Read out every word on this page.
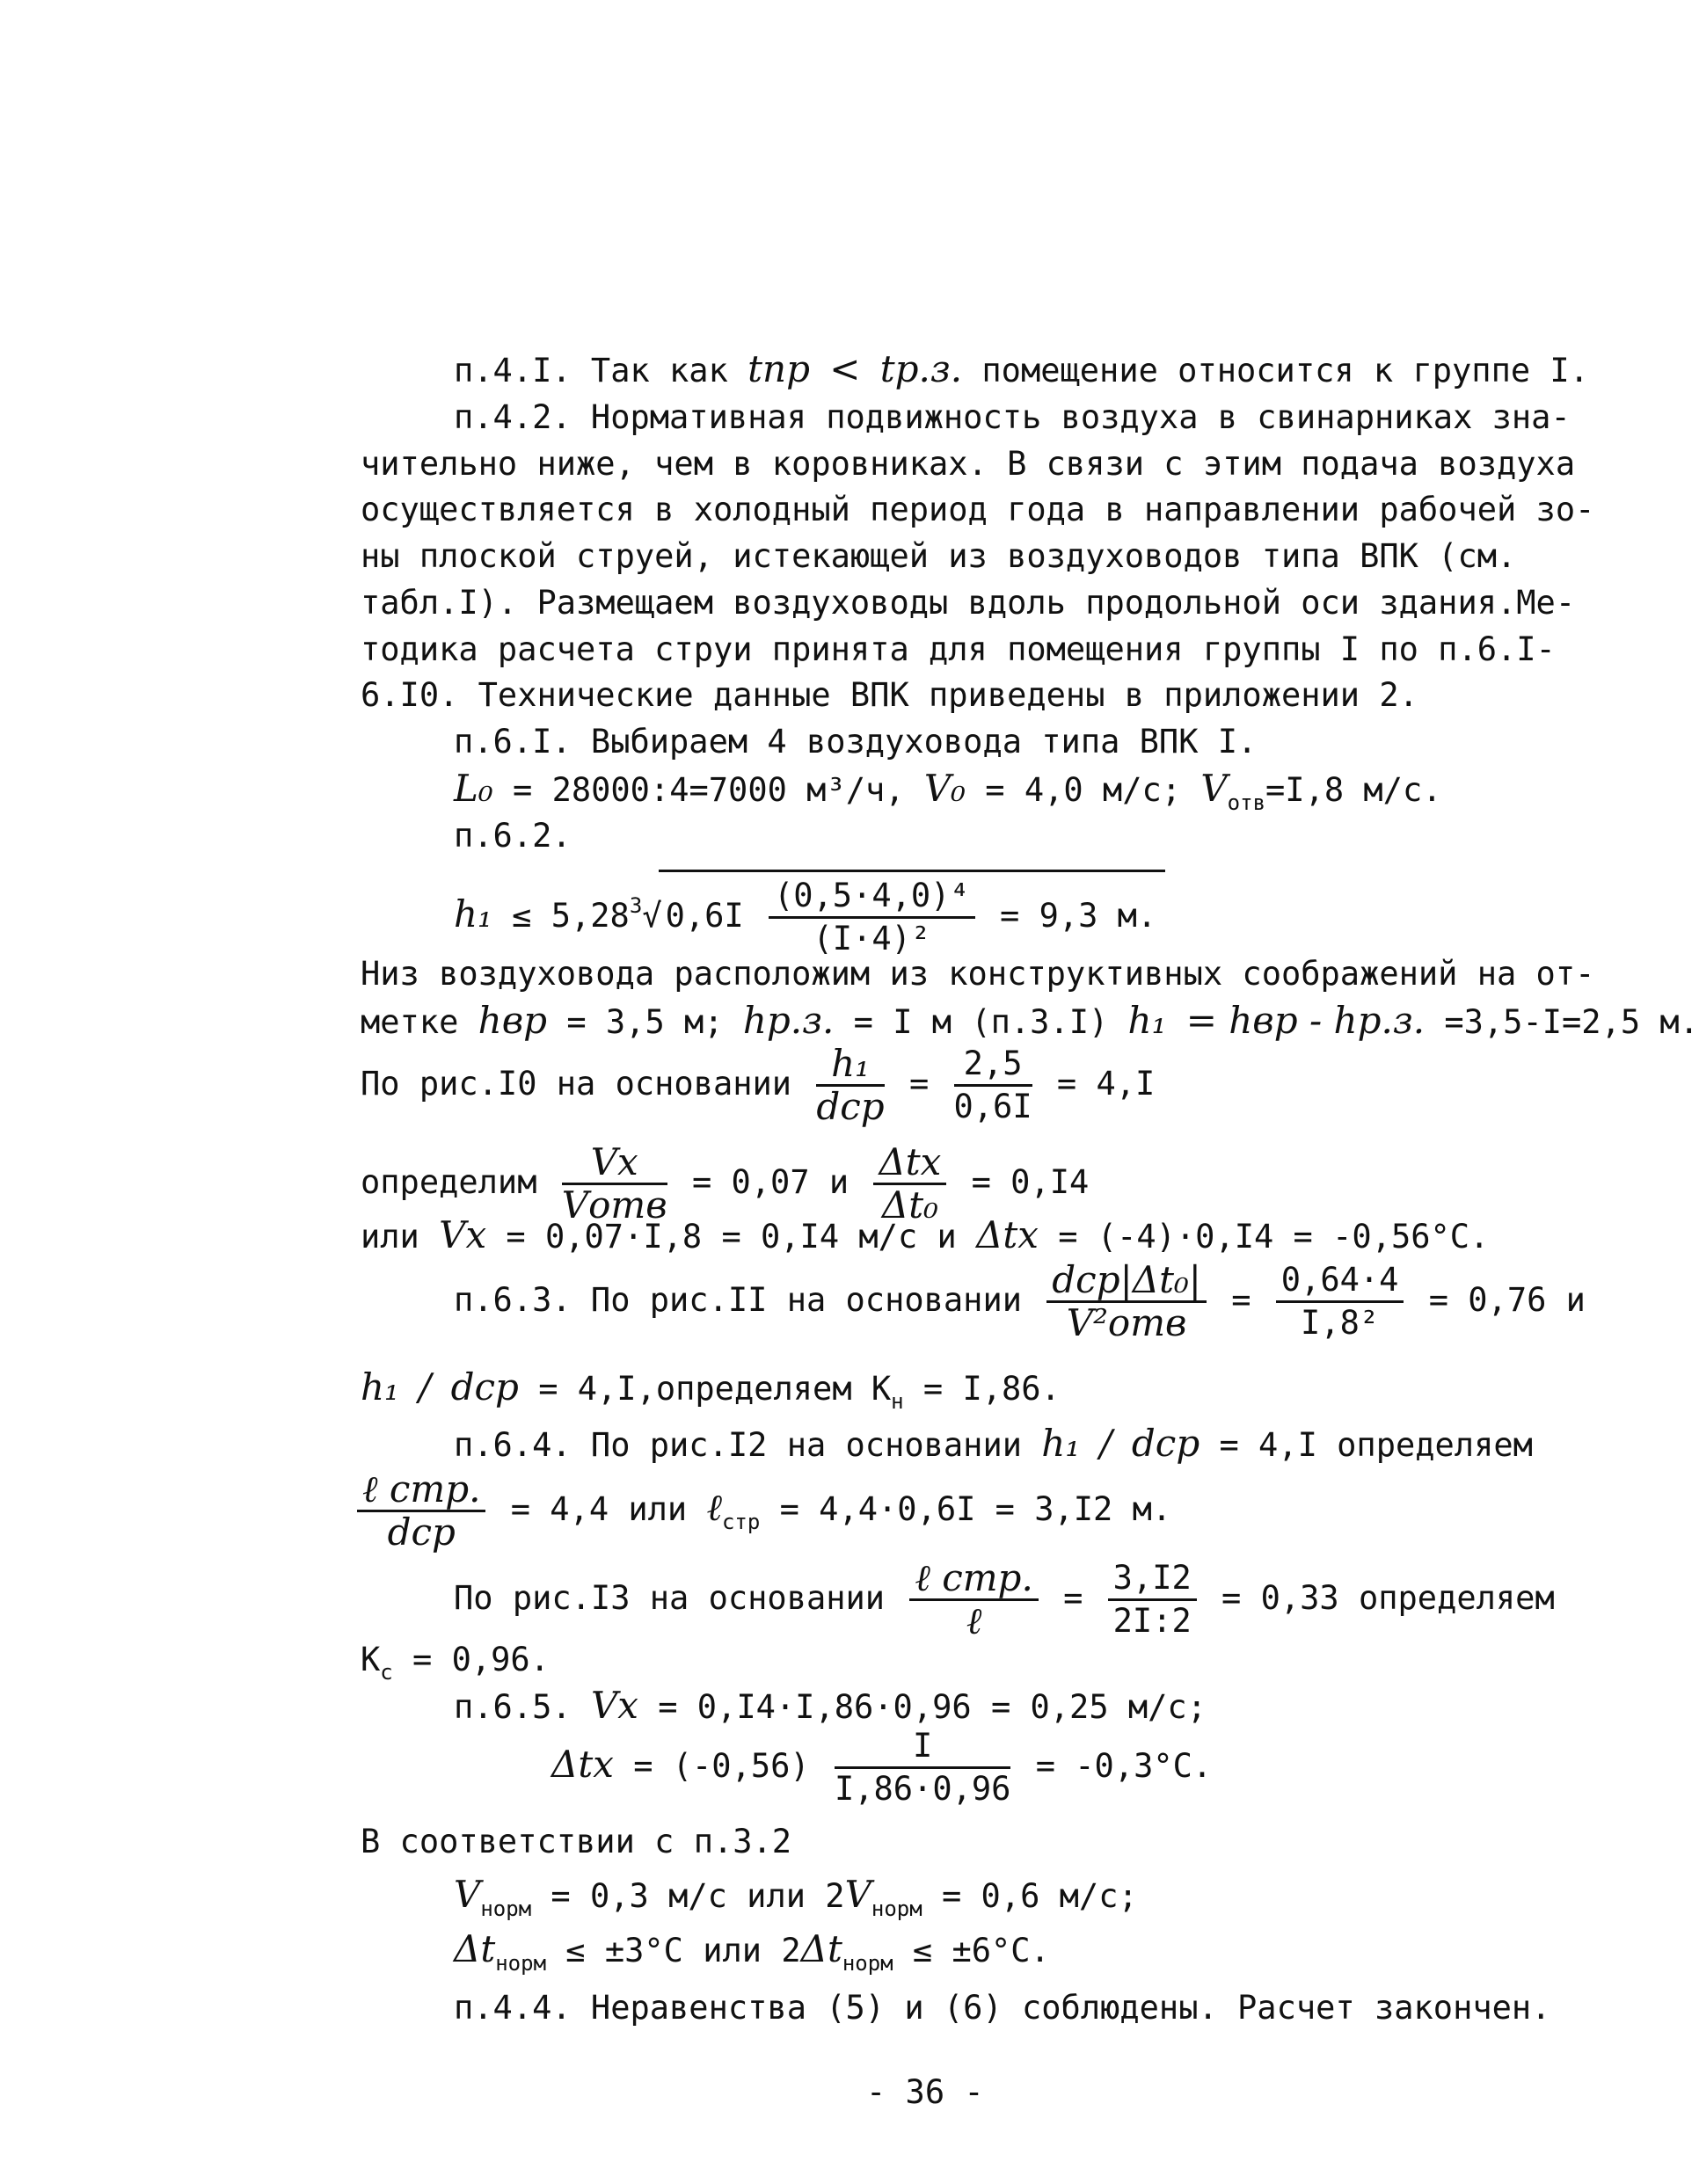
п.4.I. Так как tпр < tр.з. помещение относится к группе I.
п.4.2. Нормативная подвижность воздуха в свинарниках зна-
чительно ниже, чем в коровниках. В связи с этим подача воздуха
осуществляется в холодный период года в направлении рабочей зо-
ны плоской струей, истекающей из воздуховодов типа ВПК (см.
табл.I). Размещаем воздуховоды вдоль продольной оси здания.Ме-
тодика расчета струи принята для помещения группы I по п.6.I-
6.I0. Технические данные ВПК приведены в приложении 2.
п.6.I. Выбираем 4 воздуховода типа ВПК I.
L₀ = 28000:4=7000 м³/ч, V₀ = 4,0 м/с; $V_{отв}=I,8$ м/с.
п.6.2.
$h_1 \le 5,28^3√$ $0,6I \frac{\text{(0,5·4,0)⁴}}{\text{(I·4)²}} = 9,3$ м.
Низ воздуховода расположим из конструктивных соображений на от-
метке hвр = 3,5 м; hр.з. = I м (п.3.I) h₁ = hвр - hр.з. =3,5-I=2,5 м.
По рис.I0 на основании $\frac{\text{h₁}}{\text{dср}} = \frac{2,5}{0,6I} = 4,I$
определим $\frac{Vx}{\text{Vотв}} = 0,07$ и $\frac{\text{Δtx}}{\text{Δt₀}} = 0,I4$
или Vx = 0,07·I,8 = 0,I4 м/с и Δtx = (-4)·0,I4 = -0,56°С.
п.6.3. По рис.II на основании $\frac{\text{dср|Δt₀|}}{\text{V²отв}} = \frac{0,64\cdot 4}{\text{I,8²}} = 0,76$ и
h₁ / dср = 4,I,определяем $K_н = I,86$.
п.6.4. По рис.I2 на основании h₁ / dср = 4,I определяем
$\frac{\text{ℓ стр.}}{\text{dср}} = 4,4$ или ℓ$_{стр}$ = 4,4·0,6I = 3,I2 м.
По рис.I3 на основании $\frac{\text{ℓ стр.}}{\text{ℓ}} = \frac{3,I2}{2I:2} = 0,33$ определяем
$K_с = 0,96$.
п.6.5. Vx = 0,I4·I,86·0,96 = 0,25 м/с;
$\Delta tx = (-0,56) \frac{I}{I,86\cdot 0,96} = -0,3^\circ С$.
В соответствии с п.3.2
$V_{норм} = 0,3$ м/с или $2V_{норм} = 0,6$ м/с;
$\Delta t_{норм} \le \pm 3^\circ С$ или $2\Delta t_{норм} \le \pm 6^\circ С$.
п.4.4. Неравенства (5) и (6) соблюдены. Расчет закончен.
- 36 -
